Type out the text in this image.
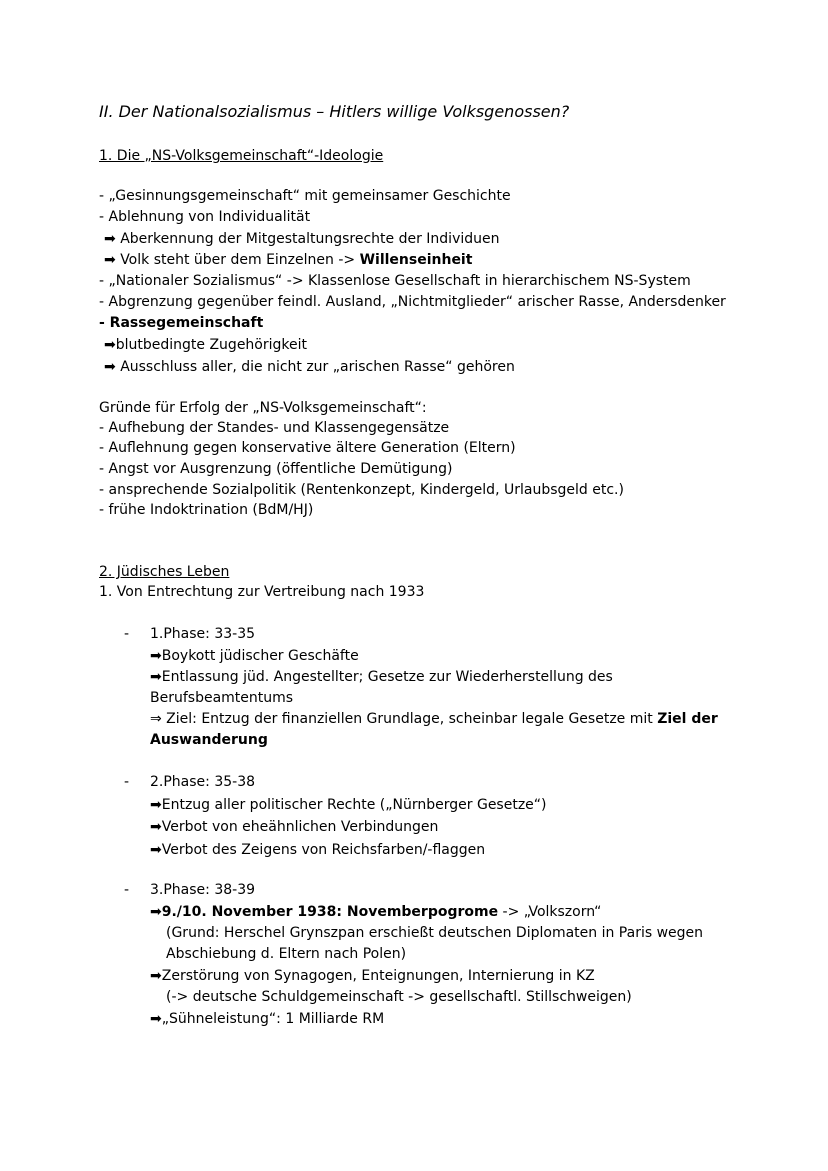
II. Der Nationalsozialismus – Hitlers willige Volksgenossen?
1. Die „NS-Volksgemeinschaft“-Ideologie
- „Gesinnungsgemeinschaft“ mit gemeinsamer Geschichte
- Ablehnung von Individualität
➡ Aberkennung der Mitgestaltungsrechte der Individuen
➡ Volk steht über dem Einzelnen -> Willenseinheit
- „Nationaler Sozialismus“ -> Klassenlose Gesellschaft in hierarchischem NS-System
- Abgrenzung gegenüber feindl. Ausland, „Nichtmitglieder“ arischer Rasse, Andersdenker
- Rassegemeinschaft
➡blutbedingte Zugehörigkeit
➡ Ausschluss aller, die nicht zur „arischen Rasse“ gehören
Gründe für Erfolg der „NS-Volksgemeinschaft“:
- Aufhebung der Standes- und Klassengegensätze
- Auflehnung gegen konservative ältere Generation (Eltern)
- Angst vor Ausgrenzung (öffentliche Demütigung)
- ansprechende Sozialpolitik (Rentenkonzept, Kindergeld, Urlaubsgeld etc.)
- frühe Indoktrination (BdM/HJ)
2. Jüdisches Leben
1. Von Entrechtung zur Vertreibung nach 1933
- 1.Phase: 33-35
➡Boykott jüdischer Geschäfte
➡Entlassung jüd. Angestellter; Gesetze zur Wiederherstellung des
Berufsbeamtentums
⇒ Ziel: Entzug der finanziellen Grundlage, scheinbar legale Gesetze mit Ziel der
Auswanderung
- 2.Phase: 35-38
➡Entzug aller politischer Rechte („Nürnberger Gesetze“)
➡Verbot von eheähnlichen Verbindungen
➡Verbot des Zeigens von Reichsfarben/-flaggen
- 3.Phase: 38-39
➡9./10. November 1938: Novemberpogrome -> „Volkszorn“
(Grund: Herschel Grynszpan erschießt deutschen Diplomaten in Paris wegen
Abschiebung d. Eltern nach Polen)
➡Zerstörung von Synagogen, Enteignungen, Internierung in KZ
(-> deutsche Schuldgemeinschaft -> gesellschaftl. Stillschweigen)
➡„Sühneleistung“: 1 Milliarde RM
